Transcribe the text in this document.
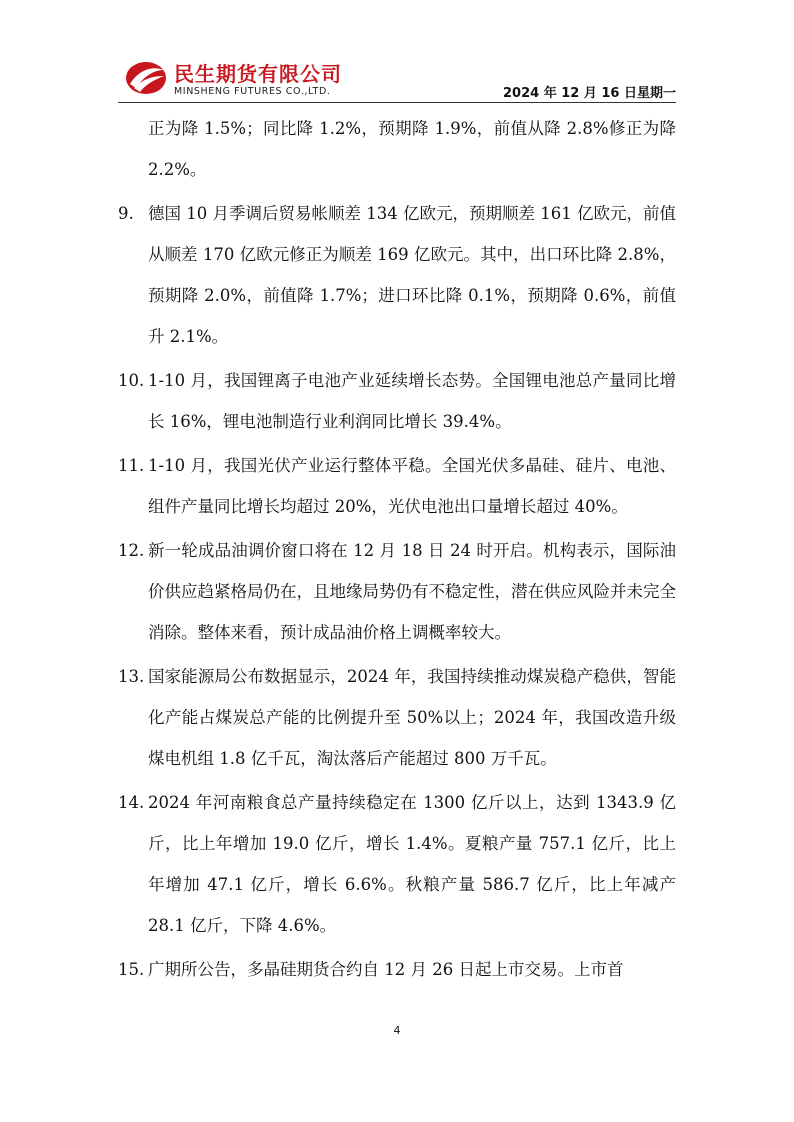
民生期货有限公司
MINSHENG FUTURES CO.,LTD.	2024 年 12 月 16 日星期一
正为降 1.5%；同比降 1.2%，预期降 1.9%，前值从降 2.8%修正为降 2.2%。
9. 德国 10 月季调后贸易帐顺差 134 亿欧元，预期顺差 161 亿欧元，前值从顺差 170 亿欧元修正为顺差 169 亿欧元。其中，出口环比降 2.8%，预期降 2.0%，前值降 1.7%；进口环比降 0.1%，预期降 0.6%，前值升 2.1%。
10. 1-10 月，我国锂离子电池产业延续增长态势。全国锂电池总产量同比增长 16%，锂电池制造行业利润同比增长 39.4%。
11. 1-10 月，我国光伏产业运行整体平稳。全国光伏多晶硅、硅片、电池、组件产量同比增长均超过 20%，光伏电池出口量增长超过 40%。
12. 新一轮成品油调价窗口将在 12 月 18 日 24 时开启。机构表示，国际油价供应趋紧格局仍在，且地缘局势仍有不稳定性，潜在供应风险并未完全消除。整体来看，预计成品油价格上调概率较大。
13. 国家能源局公布数据显示，2024 年，我国持续推动煤炭稳产稳供，智能化产能占煤炭总产能的比例提升至 50%以上；2024 年，我国改造升级煤电机组 1.8 亿千瓦，淘汰落后产能超过 800 万千瓦。
14. 2024 年河南粮食总产量持续稳定在 1300 亿斤以上，达到 1343.9 亿斤，比上年增加 19.0 亿斤，增长 1.4%。夏粮产量 757.1 亿斤，比上年增加 47.1 亿斤，增长 6.6%。秋粮产量 586.7 亿斤，比上年减产 28.1 亿斤，下降 4.6%。
15. 广期所公告，多晶硅期货合约自 12 月 26 日起上市交易。上市首
4
